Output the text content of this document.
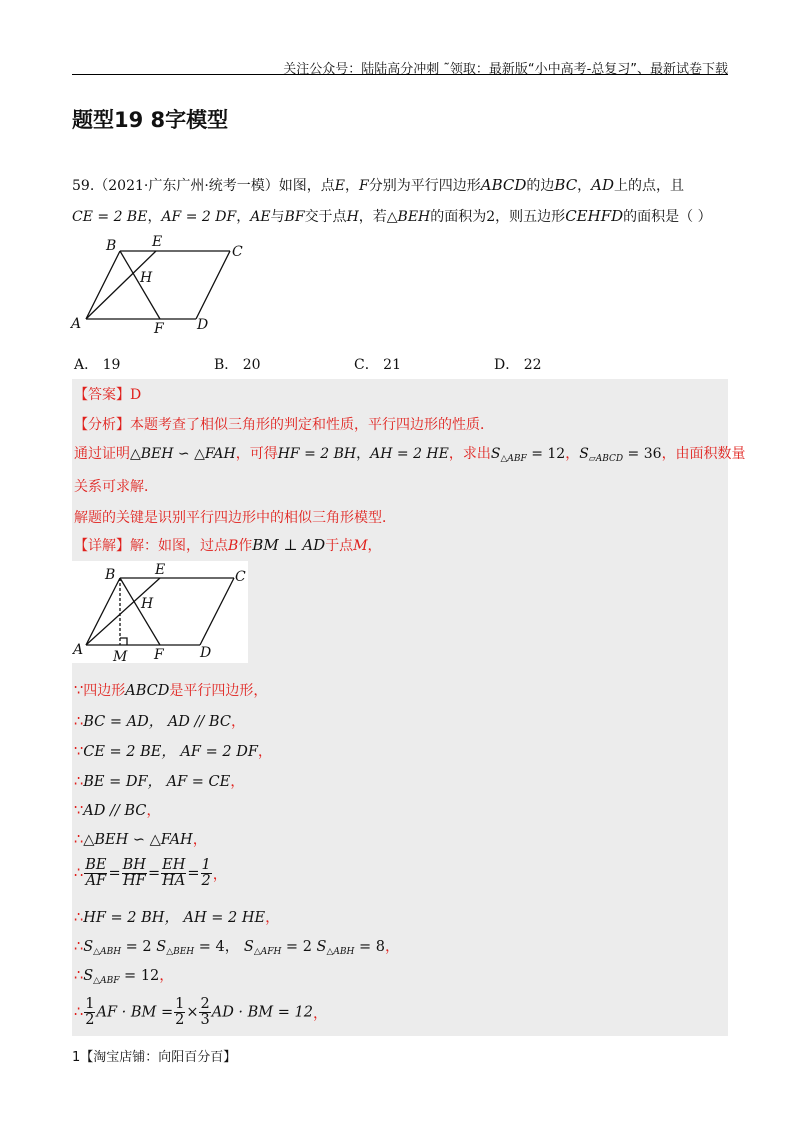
关注公众号：陆陆高分冲刺 ˜领取：最新版“小中高考-总复习”、最新试卷下载
题型19 8字模型
59.（2021·广东广州·统考一模）如图，点E，F分别为平行四边形ABCD的边BC，AD上的点，且
CE = 2 BE，AF = 2 DF，AE与BF交于点H，若△BEH的面积为2，则五边形CEHFD的面积是（ ）
A
B	C
D
E
F
H
A． 19	B． 20	C． 21	D． 22
【答案】D
【分析】本题考查了相似三角形的判定和性质，平行四边形的性质．
通过证明△BEH ∽ △FAH，可得HF = 2 BH，AH = 2 HE，求出$S_{\triangle ABF} = 12$，$S_{▱ABCD} = 36$，由面积数量
关系可求解．
解题的关键是识别平行四边形中的相似三角形模型．
【详解】解：如图，过点B作BM ⊥ AD于点M，
A
B	C
D
E
F
H
M
∵四边形ABCD是平行四边形，
∴BC = AD， AD // BC，
∵CE = 2 BE， AF = 2 DF，
∴BE = DF， AF = CE，
∵AD // BC，
∴△BEH ∽ △FAH，
∴ $\frac{BE}{AF} = \frac{BH}{HF} = \frac{EH}{HA} = \frac{1}{2}$ ，
∴HF = 2 BH， AH = 2 HE，
$\therefore S_{\triangle ABH} = 2$ $S_{\triangle BEH} = 4$， $S_{\triangle AFH} = 2$ $S_{\triangle ABH} = 8$，
$\therefore S_{\triangle ABF} = 12$，
∴ $\frac{1}{2}$ AF · BM = $\frac{1}{2} \times \frac{2}{3}$ AD · BM = 12，
1【淘宝店铺：向阳百分百】
